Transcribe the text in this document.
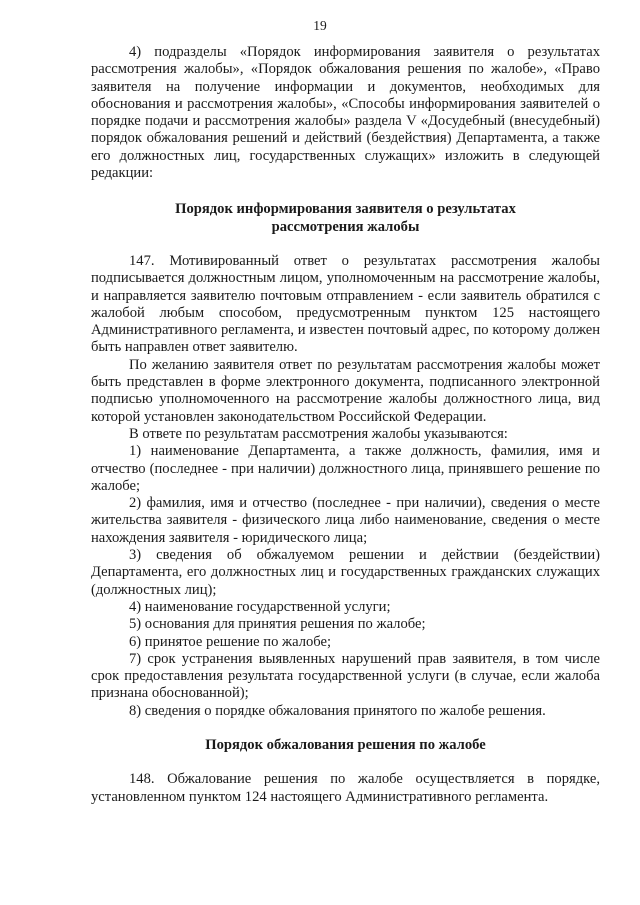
19

4) подразделы «Порядок информирования заявителя о результатах рассмотрения жалобы», «Порядок обжалования решения по жалобе», «Право заявителя на получение информации и документов, необходимых для обоснования и рассмотрения жалобы», «Способы информирования заявителей о порядке подачи и рассмотрения жалобы» раздела V «Досудебный (внесудебный) порядок обжалования решений и действий (бездействия) Департамента, а также его должностных лиц, государственных служащих» изложить в следующей редакции:

Порядок информирования заявителя о результатах
рассмотрения жалобы

147. Мотивированный ответ о результатах рассмотрения жалобы подписывается должностным лицом, уполномоченным на рассмотрение жалобы, и направляется заявителю почтовым отправлением - если заявитель обратился с жалобой любым способом, предусмотренным пунктом 125 настоящего Административного регламента, и известен почтовый адрес, по которому должен быть направлен ответ заявителю.

По желанию заявителя ответ по результатам рассмотрения жалобы может быть представлен в форме электронного документа, подписанного электронной подписью уполномоченного на рассмотрение жалобы должностного лица, вид которой установлен законодательством Российской Федерации.

В ответе по результатам рассмотрения жалобы указываются:

1) наименование Департамента, а также должность, фамилия, имя и отчество (последнее - при наличии) должностного лица, принявшего решение по жалобе;

2) фамилия, имя и отчество (последнее - при наличии), сведения о месте жительства заявителя - физического лица либо наименование, сведения о месте нахождения заявителя - юридического лица;

3) сведения об обжалуемом решении и действии (бездействии) Департамента, его должностных лиц и государственных гражданских служащих (должностных лиц);

4) наименование государственной услуги;

5) основания для принятия решения по жалобе;

6) принятое решение по жалобе;

7) срок устранения выявленных нарушений прав заявителя, в том числе срок предоставления результата государственной услуги (в случае, если жалоба признана обоснованной);

8) сведения о порядке обжалования принятого по жалобе решения.

Порядок обжалования решения по жалобе

148. Обжалование решения по жалобе осуществляется в порядке, установленном пунктом 124 настоящего Административного регламента.
